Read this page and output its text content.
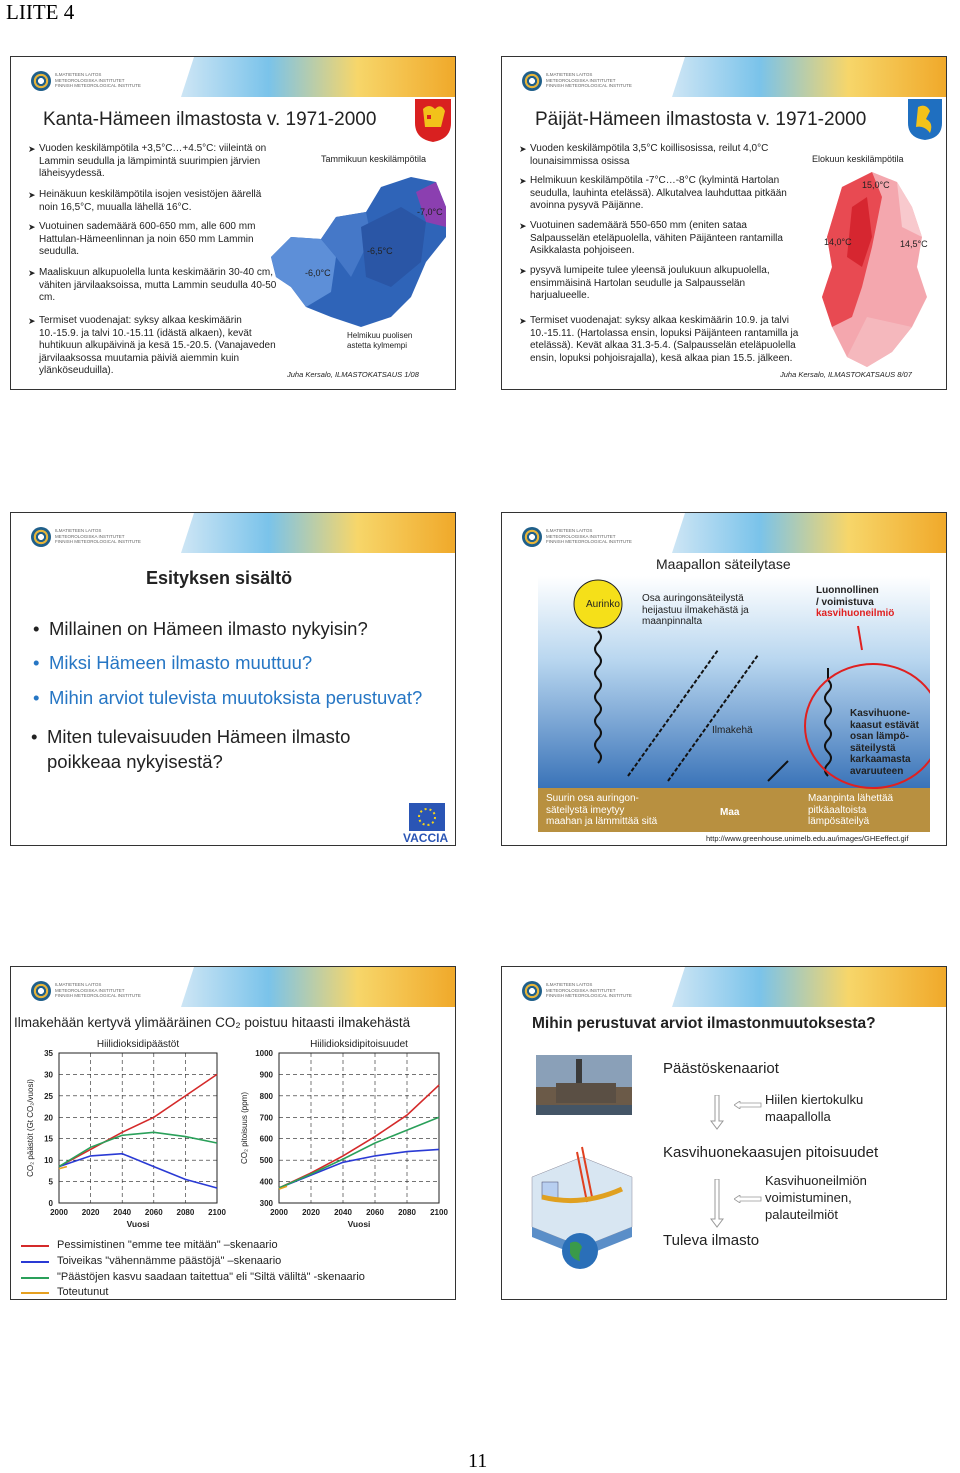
LIITE 4
11
ILMATIETEEN LAITOS
METEOROLOGISKA INSTITUTET
FINNISH METEOROLOGICAL INSTITUTE
Kanta-Hämeen ilmastosta v. 1971-2000
➤ Vuoden keskilämpötila +3,5°C…+4.5°C: viileintä on Lammin seudulla ja lämpimintä suurimpien järvien läheisyydessä.
➤ Heinäkuun keskilämpötila isojen vesistöjen äärellä noin 16,5°C, muualla lähellä 16°C.
➤ Vuotuinen sademäärä 600-650 mm, alle 600 mm Hattulan-Hämeenlinnan ja noin 650 mm Lammin seudulla.
➤ Maaliskuun alkupuolella lunta keskimäärin 30-40 cm, vähiten järvilaaksoissa, mutta Lammin seudulla 40-50 cm.
➤ Termiset vuodenajat: syksy alkaa keskimäärin 10.-15.9. ja talvi 10.-15.11 (idästä alkaen), kevät huhtikuun alkupäivinä ja kesä 15.-20.5. (Vanajaveden järvilaaksossa muutamia päiviä aiemmin kuin ylänköseuduilla).
Tammikuun keskilämpötila
-7,0°C
-6,5°C
-6,0°C
Helmikuu puolisen astetta kylmempi
Juha Kersalo, ILMASTOKATSAUS 1/08
ILMATIETEEN LAITOS
METEOROLOGISKA INSTITUTET
FINNISH METEOROLOGICAL INSTITUTE
Päijät-Hämeen ilmastosta v. 1971-2000
➤ Vuoden keskilämpötila 3,5°C koillisosissa, reilut 4,0°C lounaisimmissa osissa
➤ Helmikuun keskilämpötila -7°C…-8°C (kylmintä Hartolan seudulla, lauhinta etelässä). Alkutalvea lauhduttaa pitkään avoinna pysyvä Päijänne.
➤ Vuotuinen sademäärä 550-650 mm (eniten sataa Salpausselän eteläpuolella, vähiten Päijänteen rantamilla Asikkalasta pohjoiseen.
➤ pysyvä lumipeite tulee yleensä joulukuun alkupuolella, ensimmäisinä Hartolan seudulle ja Salpausselän harjualueelle.
➤ Termiset vuodenajat: syksy alkaa keskimäärin 10.9. ja talvi 10.-15.11. (Hartolassa ensin, lopuksi Päijänteen rantamilla ja etelässä). Kevät alkaa 31.3-5.4. (Salpausselän eteläpuolella ensin, lopuksi pohjoisrajalla), kesä alkaa pian 15.5. jälkeen.
Elokuun keskilämpötila
15,0°C
14,0°C	14,5°C
Juha Kersalo, ILMASTOKATSAUS 8/07
ILMATIETEEN LAITOS
METEOROLOGISKA INSTITUTET
FINNISH METEOROLOGICAL INSTITUTE
Esityksen sisältö
• Millainen on Hämeen ilmasto nykyisin?
• Miksi Hämeen ilmasto muuttuu?
• Mihin arviot tulevista muutoksista perustuvat?
• Miten tulevaisuuden Hämeen ilmasto
poikkeaa nykyisestä?
VACCIA
ILMATIETEEN LAITOS
METEOROLOGISKA INSTITUTET
FINNISH METEOROLOGICAL INSTITUTE
Maapallon säteilytase
Aurinko
Osa auringonsäteilystä
heijastuu ilmakehästä ja
maanpinnalta
Luonnollinen
/ voimistuva
kasvihuoneilmiö
Ilmakehä
Kasvihuone-
kaasut estävät
osan lämpö-
säteilystä
karkaamasta
avaruuteen
Suurin osa auringon-
säteilystä imeytyy
maahan ja lämmittää sitä
Maa
Maanpinta lähettää
pitkäaaltoista
lämpösäteilyä
http://www.greenhouse.unimelb.edu.au/images/GHEeffect.gif
ILMATIETEEN LAITOS
METEOROLOGISKA INSTITUTET
FINNISH METEOROLOGICAL INSTITUTE
Ilmakehään kertyvä ylimääräinen CO₂ poistuu hitaasti ilmakehästä
Hiilidioksidipäästöt
2000 2020 2040 2060 2080 2100
0
5
10
15
20
25
30
35
Vuosi
CO₂ päästöt (Gt CO₂/vuosi)
Hiilidioksidipitoisuudet
2000 2020 2040 2060 2080 2100
300
400
500
600
700
800
900
1000
Vuosi
CO₂ pitoisuus (ppm)
Pessimistinen "emme tee mitään" –skenaario
Toiveikas "vähennämme päästöjä" –skenaario
"Päästöjen kasvu saadaan taitettua" eli "Siltä väliltä" -skenaario
Toteutunut
ILMATIETEEN LAITOS
METEOROLOGISKA INSTITUTET
FINNISH METEOROLOGICAL INSTITUTE
Mihin perustuvat arviot ilmastonmuutoksesta?
Päästöskenaariot
Hiilen kiertokulku
maapallolla
Kasvihuonekaasujen pitoisuudet
Kasvihuoneilmiön
voimistuminen,
palauteilmiöt
Tuleva ilmasto
